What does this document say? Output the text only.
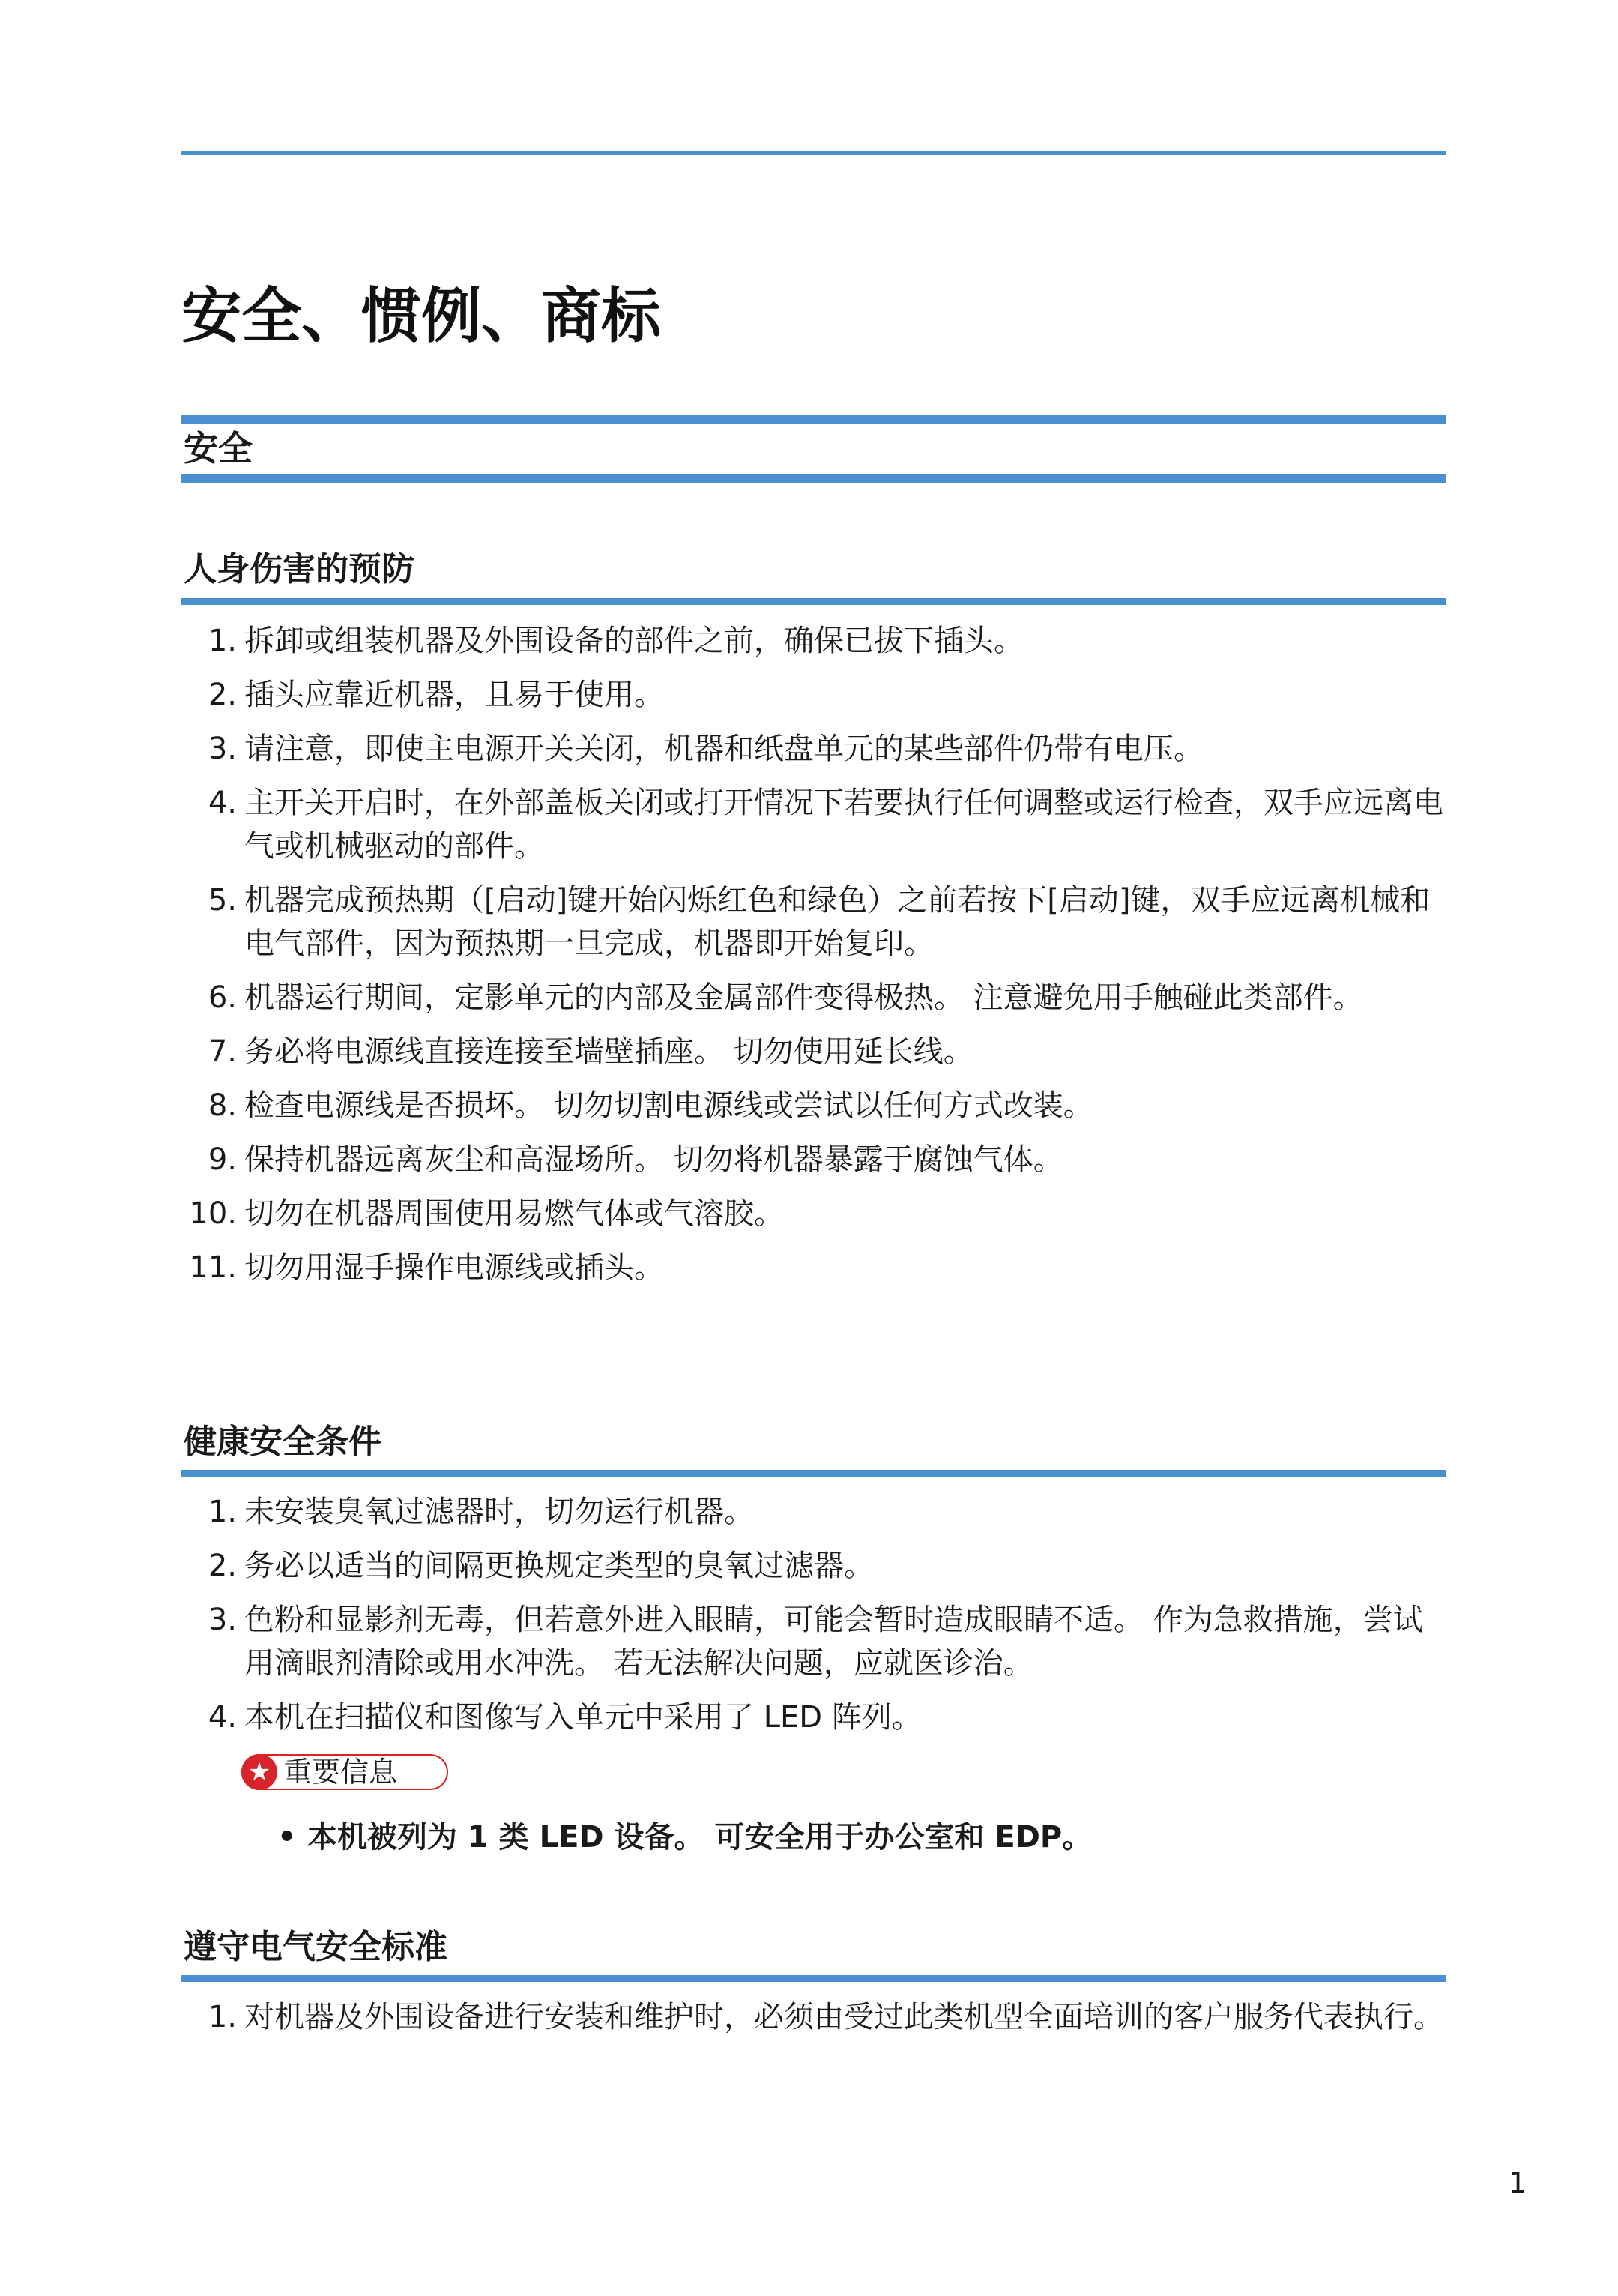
安全、惯例、商标
安全
人身伤害的预防
1. 拆卸或组装机器及外围设备的部件之前，确保已拔下插头。
2. 插头应靠近机器，且易于使用。
3. 请注意，即使主电源开关关闭，机器和纸盘单元的某些部件仍带有电压。
4. 主开关开启时，在外部盖板关闭或打开情况下若要执行任何调整或运行检查，双手应远离电气或机械驱动的部件。
5. 机器完成预热期（[启动]键开始闪烁红色和绿色）之前若按下[启动]键，双手应远离机械和电气部件，因为预热期一旦完成，机器即开始复印。
6. 机器运行期间，定影单元的内部及金属部件变得极热。 注意避免用手触碰此类部件。
7. 务必将电源线直接连接至墙壁插座。 切勿使用延长线。
8. 检查电源线是否损坏。 切勿切割电源线或尝试以任何方式改装。
9. 保持机器远离灰尘和高湿场所。 切勿将机器暴露于腐蚀气体。
10. 切勿在机器周围使用易燃气体或气溶胶。
11. 切勿用湿手操作电源线或插头。
健康安全条件
1. 未安装臭氧过滤器时，切勿运行机器。
2. 务必以适当的间隔更换规定类型的臭氧过滤器。
3. 色粉和显影剂无毒，但若意外进入眼睛，可能会暂时造成眼睛不适。 作为急救措施，尝试用滴眼剂清除或用水冲洗。 若无法解决问题，应就医诊治。
4. 本机在扫描仪和图像写入单元中采用了 LED 阵列。
★ 重要信息
• 本机被列为 1 类 LED 设备。 可安全用于办公室和 EDP。
遵守电气安全标准
1. 对机器及外围设备进行安装和维护时，必须由受过此类机型全面培训的客户服务代表执行。
1
